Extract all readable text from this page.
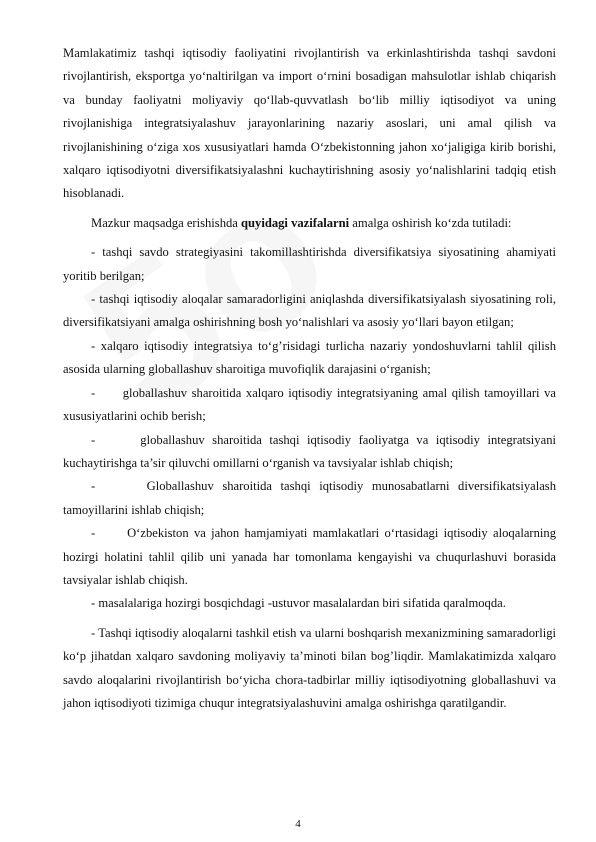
Mamlakatimiz tashqi iqtisodiy faoliyatini rivojlantirish va erkinlashtirishda tashqi savdoni rivojlantirish, eksportga yo‘naltirilgan va import o‘rnini bosadigan mahsulotlar ishlab chiqarish va bunday faoliyatni moliyaviy qo‘llab-quvvatlash bo‘lib milliy iqtisodiyot va uning rivojlanishiga integratsiyalashuv jarayonlarining nazariy asoslari, uni amal qilish va rivojlanishining o‘ziga xos xususiyatlari hamda O‘zbekistonning jahon xo‘jaligiga kirib borishi, xalqaro iqtisodiyotni diversifikatsiyalashni kuchaytirishning asosiy yo‘nalishlarini tadqiq etish hisoblanadi.

Mazkur maqsadga erishishda quyidagi vazifalarni amalga oshirish ko‘zda tutiladi:

- tashqi savdo strategiyasini takomillashtirishda diversifikatsiya siyosatining ahamiyati yoritib berilgan;

- tashqi iqtisodiy aloqalar samaradorligini aniqlashda diversifikatsiyalash siyosatining roli, diversifikatsiyani amalga oshirishning bosh yo‘nalishlari va asosiy yo‘llari bayon etilgan;

- xalqaro iqtisodiy integratsiya to‘g’risidagi turlicha nazariy yondoshuvlarni tahlil qilish asosida ularning globallashuv sharoitiga muvofiqlik darajasini o‘rganish;

-      globallashuv sharoitida xalqaro iqtisodiy integratsiyaning amal qilish tamoyillari va xususiyatlarini ochib berish;

-      globallashuv sharoitida tashqi iqtisodiy faoliyatga va iqtisodiy integratsiyani kuchaytirishga ta’sir qiluvchi omillarni o‘rganish va tavsiyalar ishlab chiqish;

-      Globallashuv sharoitida tashqi iqtisodiy munosabatlarni diversifikatsiyalash tamoyillarini ishlab chiqish;

-      O‘zbekiston va jahon hamjamiyati mamlakatlari o‘rtasidagi iqtisodiy aloqalarning hozirgi holatini tahlil qilib uni yanada har tomonlama kengayishi va chuqurlashuvi borasida tavsiyalar ishlab chiqish.

- masalalariga hozirgi bosqichdagi -ustuvor masalalardan biri sifatida qaralmoqda.

- Tashqi iqtisodiy aloqalarni tashkil etish va ularni boshqarish mexanizmining samaradorligi ko‘p jihatdan xalqaro savdoning moliyaviy ta’minoti bilan bog’liqdir. Mamlakatimizda xalqaro savdo aloqalarini rivojlantirish bo‘yicha chora-tadbirlar milliy iqtisodiyotning globallashuvi va jahon iqtisodiyoti tizimiga chuqur integratsiyalashuvini amalga oshirishga qaratilgandir.

4
